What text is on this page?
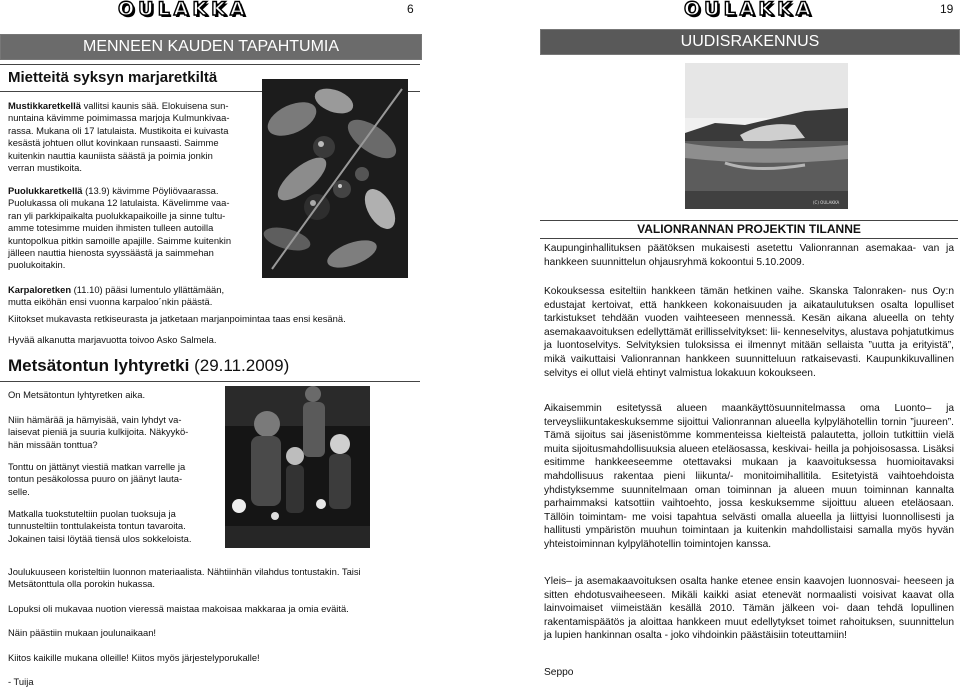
OULAKKA	6
MENNEEN KAUDEN TAPAHTUMIA
Mietteitä syksyn marjaretkiltä
Mustikkaretkellä vallitsi kaunis sää. Elokuisena sun-
nuntaina kävimme poimimassa marjoja Kulmunkivaa-
rassa. Mukana oli 17 latulaista. Mustikoita ei kuivasta
kesästä johtuen ollut kovinkaan runsaasti. Saimme
kuitenkin nauttia kauniista säästä ja poimia jonkin
verran mustikoita.
Puolukkaretkellä (13.9) kävimme Pöyliövaarassa.
Puolukassa oli mukana 12 latulaista. Kävelimme vaa-
ran yli parkkipaikalta puolukkapaikoille ja sinne tultu-
amme totesimme muiden ihmisten tulleen autoilla
kuntopolkua pitkin samoille apajille. Saimme kuitenkin
jälleen nauttia hienosta syyssäästä ja saimmehan
puolukoitakin.
Karpaloretken (11.10) pääsi lumentulo yllättämään,
mutta eiköhän ensi vuonna karpaloo´nkin päästä.
Kiitokset mukavasta retkiseurasta ja jatketaan marjanpoimintaa taas ensi kesänä.
Hyvää alkanutta marjavuotta toivoo Asko Salmela.
Metsätontun lyhtyretki (29.11.2009)
On Metsätontun lyhtyretken aika.
Niin hämärää ja hämyisää, vain lyhdyt va-
laisevat pieniä ja suuria kulkijoita. Näkyykö-
hän missään tonttua?
Tonttu on jättänyt viestiä matkan varrelle ja
tontun pesäkolossa puuro on jäänyt lauta-
selle.
Matkalla tuokstuteltiin puolan tuoksuja ja
tunnusteltiin tonttulakeista tontun tavaroita.
Jokainen taisi löytää tiensä ulos sokkeloista.
Joulukuuseen koristeltiin luonnon materiaalista. Nähtiinhän vilahdus tontustakin. Taisi
Metsätonttula olla porokin hukassa.
Lopuksi oli mukavaa nuotion vieressä maistaa makoisaa makkaraa ja omia eväitä.
Näin päästiin mukaan joulunaikaan!
Kiitos kaikille mukana olleille! Kiitos myös järjestelyporukalle!
- Tuija
OULAKKA	19
UUDISRAKENNUS
(C) OULAKKA
VALIONRANNAN PROJEKTIN TILANNE
Kaupunginhallituksen päätöksen mukaisesti asetettu Valionrannan asemakaa- van ja hankkeen suunnittelun ohjausryhmä kokoontui 5.10.2009.
Kokouksessa esiteltiin hankkeen tämän hetkinen vaihe. Skanska Talonraken- nus Oy:n edustajat kertoivat, että hankkeen kokonaisuuden ja aikataulutuksen osalta lopulliset tarkistukset tehdään vuoden vaihteeseen mennessä. Kesän aikana alueella on tehty asemakaavoituksen edellyttämät erillisselvitykset: lii- kenneselvitys, alustava pohjatutkimus ja luontoselvitys. Selvityksien tuloksissa ei ilmennyt mitään sellaista ”uutta ja erityistä”, mikä vaikuttaisi Valionrannan hankkeen suunnitteluun ratkaisevasti. Kaupunkikuvallinen selvitys ei ollut vielä ehtinyt valmistua lokakuun kokoukseen.
Aikaisemmin esitetyssä alueen maankäyttösuunnitelmassa oma Luonto– ja terveysliikuntakeskuksemme sijoittui Valionrannan alueella kylpylähotellin tornin ”juureen”. Tämä sijoitus sai jäsenistömme kommenteissa kielteistä palautetta, jolloin tutkittiin vielä muita sijoitusmahdollisuuksia alueen eteläosassa, keskivai- heilla ja pohjoisosassa. Lisäksi esitimme hankkeeseemme otettavaksi mukaan ja kaavoituksessa huomioitavaksi mahdollisuus rakentaa pieni liikunta/- monitoimihallitila. Esitetyistä vaihtoehdoista yhdistyksemme suunnitelmaan oman toiminnan ja alueen muun toiminnan kannalta parhaimmaksi katsottiin vaihtoehto, jossa keskuksemme sijoittuu alueen eteläosaan. Tällöin toimintam- me voisi tapahtua selvästi omalla alueella ja liittyisi luonnollisesti ja hallitusti ympäristön muuhun toimintaan ja kuitenkin mahdollistaisi samalla myös hyvän yhteistoiminnan kylpylähotellin toimintojen kanssa.
Yleis– ja asemakaavoituksen osalta hanke etenee ensin kaavojen luonnosvai- heeseen ja sitten ehdotusvaiheeseen. Mikäli kaikki asiat etenevät normaalisti voisivat kaavat olla lainvoimaiset viimeistään kesällä 2010. Tämän jälkeen voi- daan tehdä lopullinen rakentamispäätös ja aloittaa hankkeen muut edellytykset toimet rahoituksen, suunnittelun ja lupien hankinnan osalta - joko vihdoinkin päästäisiin toteuttamiin!
Seppo
